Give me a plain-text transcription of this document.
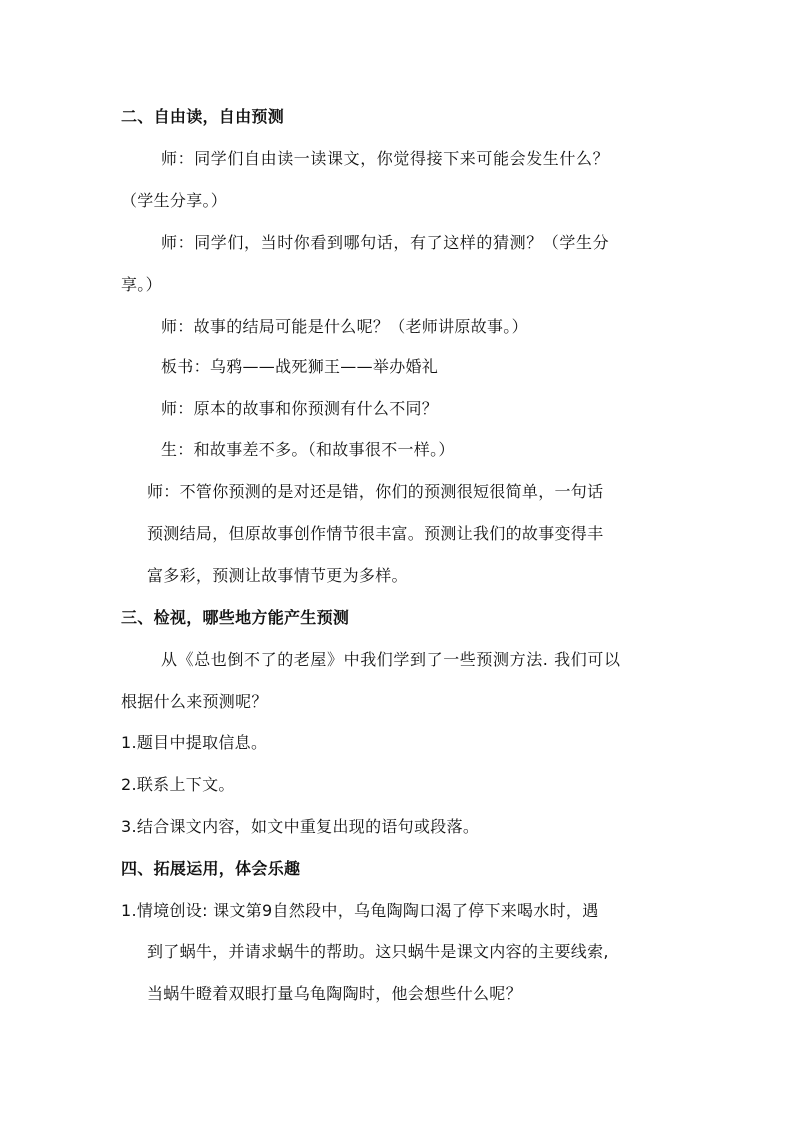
二、自由读，自由预测
师：同学们自由读一读课文，你觉得接下来可能会发生什么？
（学生分享。）
师：同学们，当时你看到哪句话，有了这样的猜测？（学生分
享。）
师：故事的结局可能是什么呢？（老师讲原故事。）
板书：乌鸦——战死狮王——举办婚礼
师：原本的故事和你预测有什么不同？
生：和故事差不多。（和故事很不一样。）
师：不管你预测的是对还是错，你们的预测很短很简单，一句话
预测结局，但原故事创作情节很丰富。预测让我们的故事变得丰
富多彩，预测让故事情节更为多样。
三、检视，哪些地方能产生预测
从《总也倒不了的老屋》中我们学到了一些预测方法. 我们可以
根据什么来预测呢？
1.题目中提取信息。
2.联系上下文。
3.结合课文内容，如文中重复出现的语句或段落。
四、拓展运用，体会乐趣
1.情境创设: 课文第9自然段中，乌龟陶陶口渴了停下来喝水时，遇
到了蜗牛，并请求蜗牛的帮助。这只蜗牛是课文内容的主要线索,
当蜗牛瞪着双眼打量乌龟陶陶时，他会想些什么呢？
